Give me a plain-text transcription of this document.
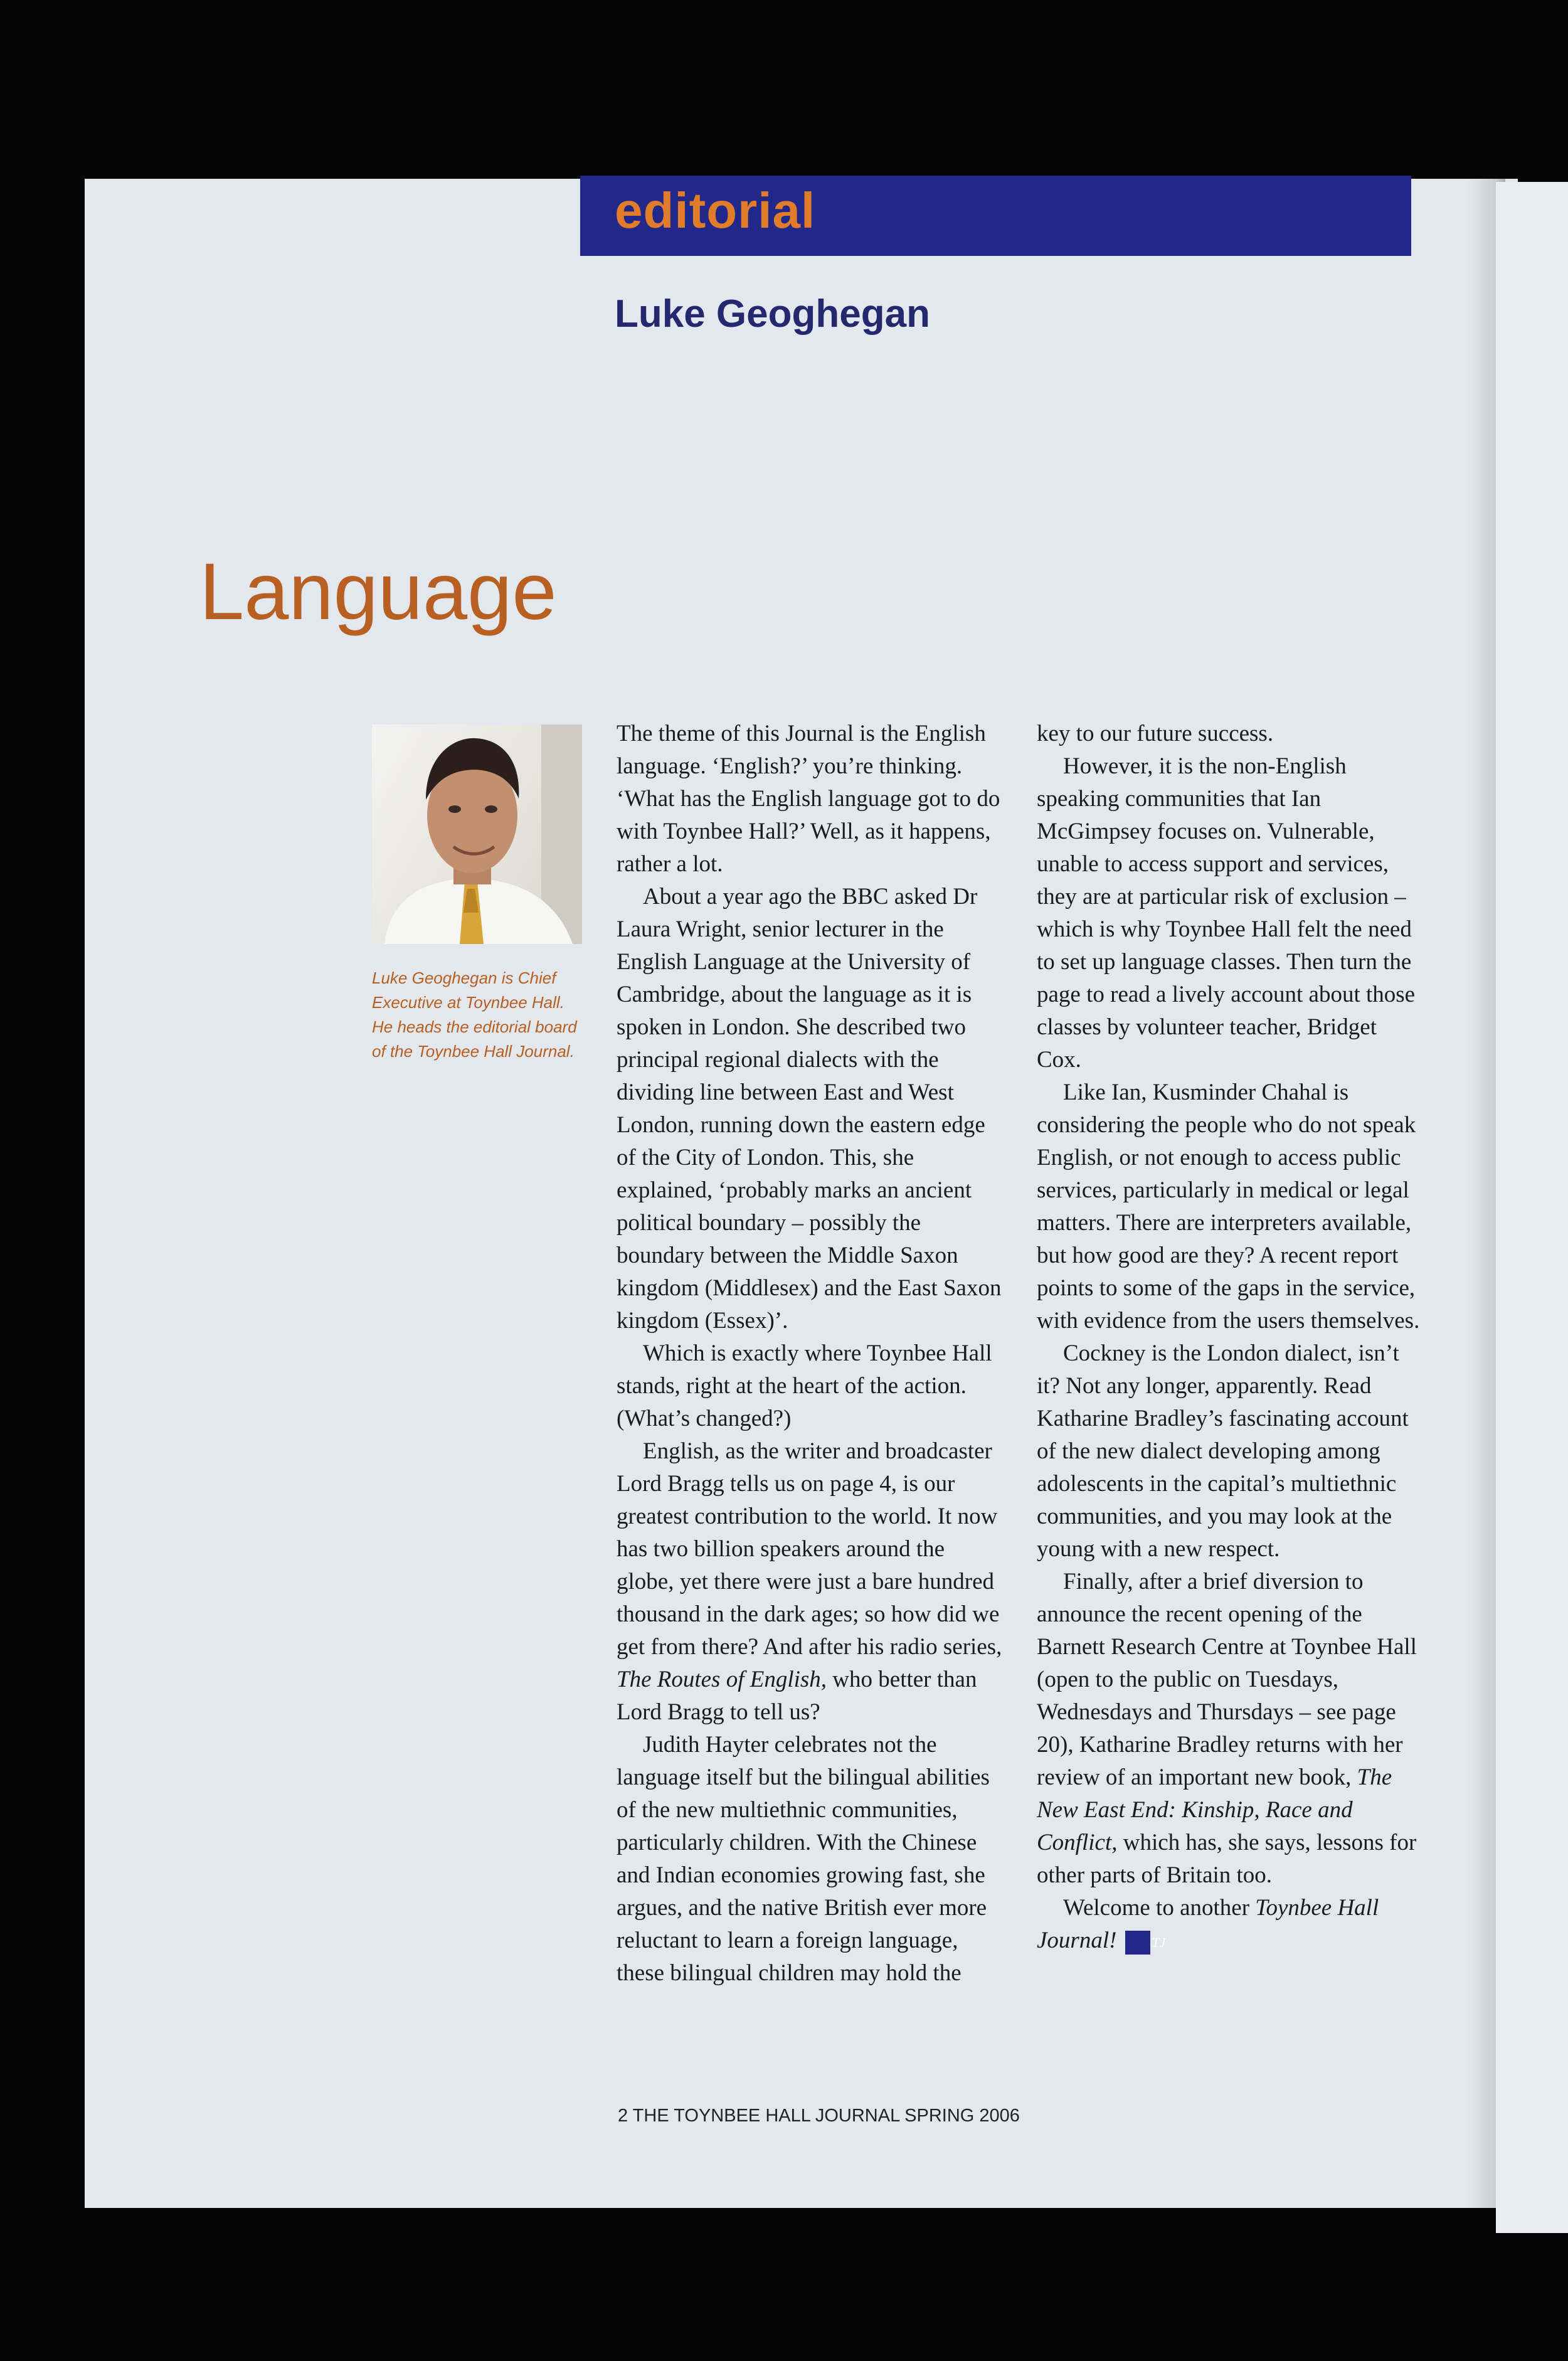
editorial
Luke Geoghegan
Language
Luke Geoghegan is Chief Executive at Toynbee Hall. He heads the editorial board of the Toynbee Hall Journal.

The theme of this Journal is the English language. ‘English?’ you’re thinking. ‘What has the English language got to do with Toynbee Hall?’ Well, as it happens, rather a lot.

About a year ago the BBC asked Dr Laura Wright, senior lecturer in the English Language at the University of Cambridge, about the language as it is spoken in London. She described two principal regional dialects with the dividing line between East and West London, running down the eastern edge of the City of London. This, she explained, ‘probably marks an ancient political boundary – possibly the boundary between the Middle Saxon kingdom (Middlesex) and the East Saxon kingdom (Essex)’.

Which is exactly where Toynbee Hall stands, right at the heart of the action. (What’s changed?)

English, as the writer and broadcaster Lord Bragg tells us on page 4, is our greatest contribution to the world. It now has two billion speakers around the globe, yet there were just a bare hundred thousand in the dark ages; so how did we get from there? And after his radio series, The Routes of English, who better than Lord Bragg to tell us?

Judith Hayter celebrates not the language itself but the bilingual abilities of the new multiethnic communities, particularly children. With the Chinese and Indian economies growing fast, she argues, and the native British ever more reluctant to learn a foreign language, these bilingual children may hold the

key to our future success.

However, it is the non-English speaking communities that Ian McGimpsey focuses on. Vulnerable, unable to access support and services, they are at particular risk of exclusion – which is why Toynbee Hall felt the need to set up language classes. Then turn the page to read a lively account about those classes by volunteer teacher, Bridget Cox.

Like Ian, Kusminder Chahal is considering the people who do not speak English, or not enough to access public services, particularly in medical or legal matters. There are interpreters available, but how good are they? A recent report points to some of the gaps in the service, with evidence from the users themselves.

Cockney is the London dialect, isn’t it? Not any longer, apparently. Read Katharine Bradley’s fascinating account of the new dialect developing among adolescents in the capital’s multiethnic communities, and you may look at the young with a new respect.

Finally, after a brief diversion to announce the recent opening of the Barnett Research Centre at Toynbee Hall (open to the public on Tuesdays, Wednesdays and Thursdays – see page 20), Katharine Bradley returns with her review of an important new book, The New East End: Kinship, Race and Conflict, which has, she says, lessons for other parts of Britain too.

Welcome to another Toynbee Hall Journal!	TJ

2 THE TOYNBEE HALL JOURNAL SPRING 2006
